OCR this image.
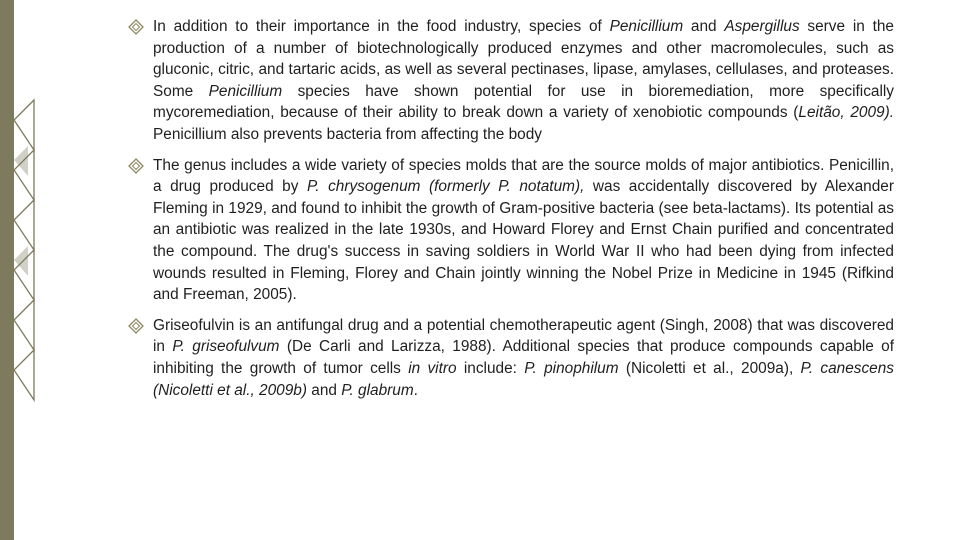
In addition to their importance in the food industry, species of Penicillium and Aspergillus serve in the production of a number of biotechnologically produced enzymes and other macromolecules, such as gluconic, citric, and tartaric acids, as well as several pectinases, lipase, amylases, cellulases, and proteases. Some Penicillium species have shown potential for use in bioremediation, more specifically mycoremediation, because of their ability to break down a variety of xenobiotic compounds (Leitão, 2009). Penicillium also prevents bacteria from affecting the body

The genus includes a wide variety of species molds that are the source molds of major antibiotics. Penicillin, a drug produced by P. chrysogenum (formerly P. notatum), was accidentally discovered by Alexander Fleming in 1929, and found to inhibit the growth of Gram-positive bacteria (see beta-lactams). Its potential as an antibiotic was realized in the late 1930s, and Howard Florey and Ernst Chain purified and concentrated the compound. The drug's success in saving soldiers in World War II who had been dying from infected wounds resulted in Fleming, Florey and Chain jointly winning the Nobel Prize in Medicine in 1945 (Rifkind and Freeman, 2005).

Griseofulvin is an antifungal drug and a potential chemotherapeutic agent (Singh, 2008) that was discovered in P. griseofulvum (De Carli and Larizza, 1988). Additional species that produce compounds capable of inhibiting the growth of tumor cells in vitro include: P. pinophilum (Nicoletti et al., 2009a), P. canescens (Nicoletti et al., 2009b) and P. glabrum.
